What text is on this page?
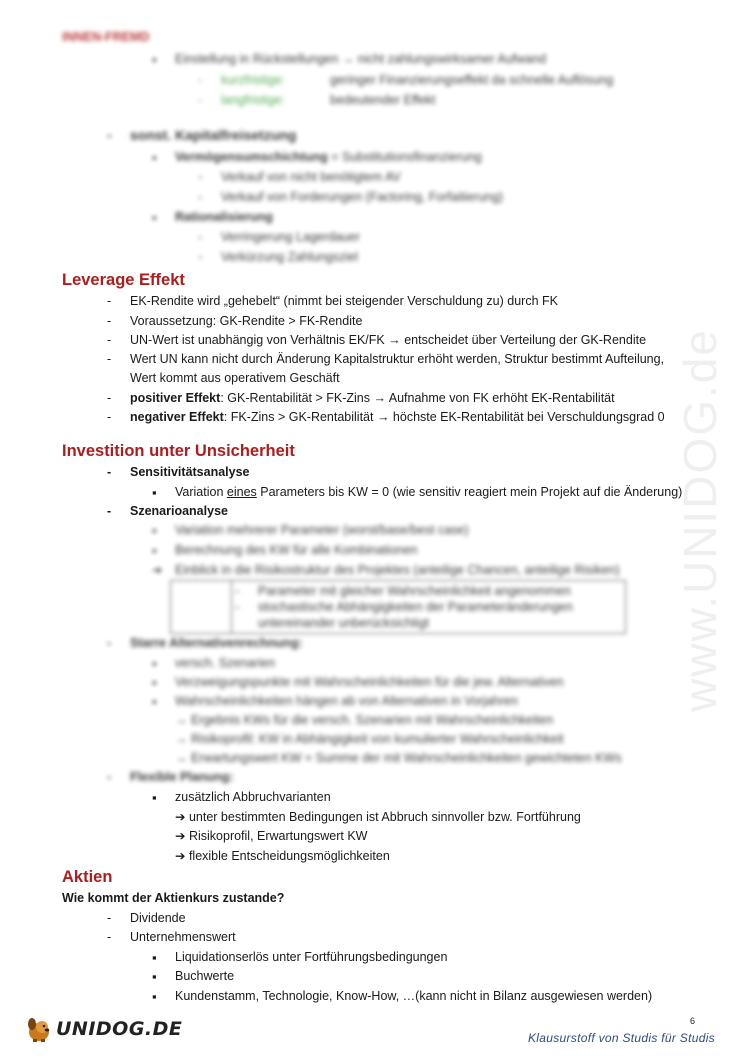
www.UNIDOG.de
INNEN-FREMD
▪ Einstellung in Rückstellungen → nicht zahlungswirksamer Aufwand
- kurzfristige:	geringer Finanzierungseffekt da schnelle Auflösung
- langfristige:	bedeutender Effekt
- sonst. Kapitalfreisetzung
▪ Vermögensumschichtung = Substitutionsfinanzierung
- Verkauf von nicht benötigtem AV
- Verkauf von Forderungen (Factoring, Forfaitierung)
▪ Rationalisierung
- Verringerung Lagerdauer
- Verkürzung Zahlungsziel
Leverage Effekt
- EK-Rendite wird „gehebelt“ (nimmt bei steigender Verschuldung zu) durch FK
- Voraussetzung: GK-Rendite > FK-Rendite
- UN-Wert ist unabhängig von Verhältnis EK/FK → entscheidet über Verteilung der GK-Rendite
- Wert UN kann nicht durch Änderung Kapitalstruktur erhöht werden, Struktur bestimmt Aufteilung,
Wert kommt aus operativem Geschäft
- positiver Effekt: GK-Rentabilität > FK-Zins → Aufnahme von FK erhöht EK-Rentabilität
- negativer Effekt: FK-Zins > GK-Rentabilität → höchste EK-Rentabilität bei Verschuldungsgrad 0
Investition unter Unsicherheit
- Sensitivitätsanalyse
▪ Variation eines Parameters bis KW = 0 (wie sensitiv reagiert mein Projekt auf die Änderung)
- Szenarioanalyse
▪ Variation mehrerer Parameter (worst/base/best case)
▪ Berechnung des KW für alle Kombinationen
➔ Einblick in die Risikostruktur des Projektes (anteilige Chancen, anteilige Risiken)
- Parameter mit gleicher Wahrscheinlichkeit angenommen
- stochastische Abhängigkeiten der Parameteränderungen
untereinander unberücksichtigt
- Starre Alternativenrechnung:
▪ versch. Szenarien
▪ Verzweigungspunkte mit Wahrscheinlichkeiten für die jew. Alternativen
▪ Wahrscheinlichkeiten hängen ab von Alternativen in Vorjahren
→ Ergebnis KWs für die versch. Szenarien mit Wahrscheinlichkeiten
→ Risikoprofil: KW in Abhängigkeit von kumulierter Wahrscheinlichkeit
→ Erwartungswert KW = Summe der mit Wahrscheinlichkeiten gewichteten KWs
- Flexible Planung:
▪ zusätzlich Abbruchvarianten
➔ unter bestimmten Bedingungen ist Abbruch sinnvoller bzw. Fortführung
➔ Risikoprofil, Erwartungswert KW
➔ flexible Entscheidungsmöglichkeiten
Aktien
Wie kommt der Aktienkurs zustande?
- Dividende
- Unternehmenswert
▪ Liquidationserlös unter Fortführungsbedingungen
▪ Buchwerte
▪ Kundenstamm, Technologie, Know-How, …(kann nicht in Bilanz ausgewiesen werden)
6
UNIDOG.DE	Klausurstoff von Studis für Studis
